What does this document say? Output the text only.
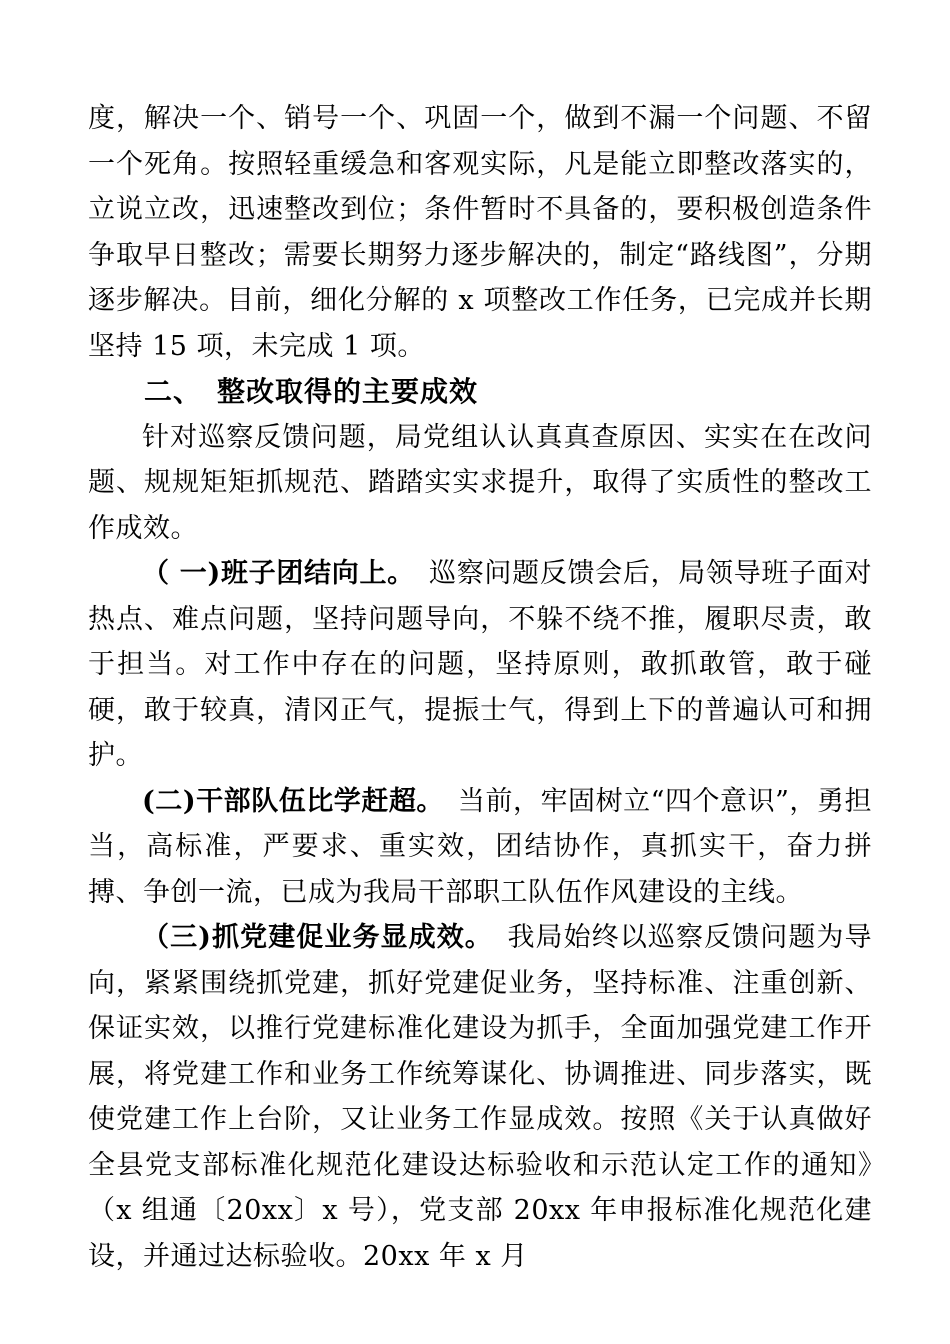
度，解决一个、销号一个、巩固一个，做到不漏一个问题、不留一个死角。按照轻重缓急和客观实际，凡是能立即整改落实的，立说立改，迅速整改到位；条件暂时不具备的，要积极创造条件争取早日整改；需要长期努力逐步解决的，制定“路线图”，分期逐步解决。目前，细化分解的 x 项整改工作任务，已完成并长期坚持 15 项，未完成 1 项。

二、　整改取得的主要成效

针对巡察反馈问题，局党组认认真真查原因、实实在在改问题、规规矩矩抓规范、踏踏实实求提升，取得了实质性的整改工作成效。

（ 一)班子团结向上。　巡察问题反馈会后，局领导班子面对热点、难点问题，坚持问题导向，不躲不绕不推，履职尽责，敢于担当。对工作中存在的问题，坚持原则，敢抓敢管，敢于碰硬，敢于较真，清冈正气，提振士气，得到上下的普遍认可和拥护。

(二)干部队伍比学赶超。　当前，牢固树立“四个意识”，勇担当，高标准，严要求、重实效，团结协作，真抓实干，奋力拼搏、争创一流，已成为我局干部职工队伍作风建设的主线。

（三)抓党建促业务显成效。　我局始终以巡察反馈问题为导向，紧紧围绕抓党建，抓好党建促业务，坚持标准、注重创新、保证实效，以推行党建标准化建设为抓手，全面加强党建工作开展，将党建工作和业务工作统筹谋化、协调推进、同步落实，既使党建工作上台阶，又让业务工作显成效。按照《关于认真做好全县党支部标准化规范化建设达标验收和示范认定工作的通知》　（x 组通〔20xx〕x 号），党支部 20xx 年申报标准化规范化建设，并通过达标验收。20xx 年 x 月
